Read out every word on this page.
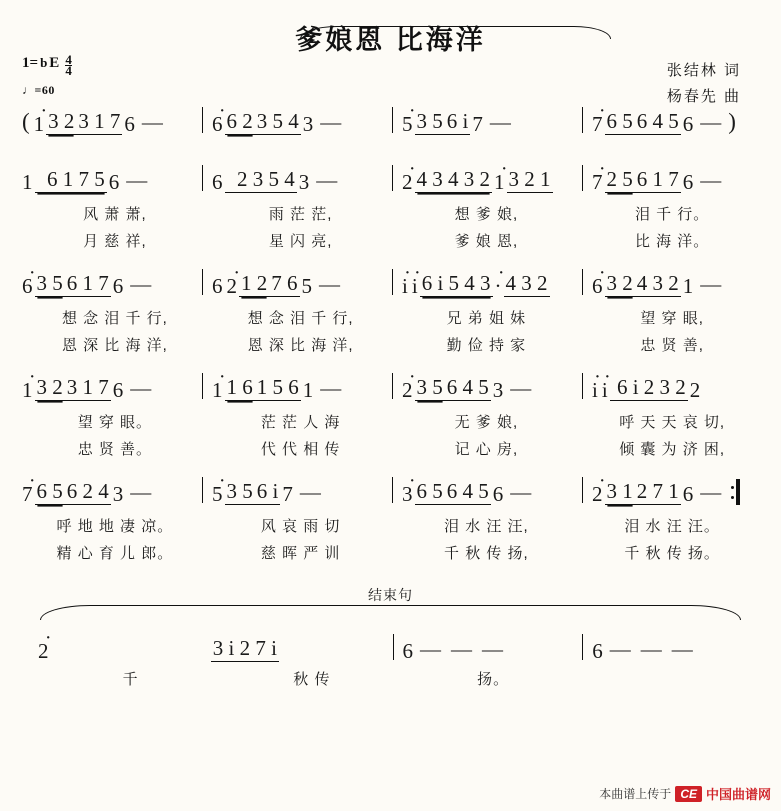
爹娘恩 比海洋
张结林 词
杨春先 曲
1= b E $\frac{4}{4}$
♩=60
( 1 · 3 2 3 1 7 6 — 6 · 6 2 3 5 4 3 —	5 · 3 5 6 i 7 —	7 · 6 5 6 4 5 6 — )
1 6 1 7 5 6 —	6 2 3 5 4 3 —	2 · 4 3 4 3 2 1 · 3 2 1 7 · 2 5 6 1 7 6 —
风 萧 萧,	雨 茫 茫,	想 爹 娘,	泪 千 行。
月 慈 祥,	星 闪 亮,	爹 娘 恩,	比 海 洋。
6 · 3 5 6 1 7 6 —	6 2 · 1 2 7 6 5 —	i · i · 6 i 5 4 3 · · 4 3 2 6 · 3 2 4 3 2 1 —
想 念 泪 千 行,	想 念 泪 千 行,	兄 弟 姐 妹	望 穿 眼,
恩 深 比 海 洋,	恩 深 比 海 洋,	勤 俭 持 家	忠 贤 善,
1 · 3 2 3 1 7 6 —	1 · 1 6 1 5 6 1 —	2 · 3 5 6 4 5 3 —	i · i · 6 i 2 3 2 2
望 穿 眼。	茫 茫 人 海	无 爹 娘,	呼 天 天 哀 切,
忠 贤 善。	代 代 相 传	记 心 房,	倾 囊 为 济 困,
7 · 6 5 6 2 4 3 —	5 · 3 5 6 i 7 —	3 · 6 5 6 4 5 6 —	2 · 3 1 2 7 1 6 —
呼 地 地 凄 凉。	风 哀 雨 切	泪 水 汪 汪,	泪 水 汪 汪。
精 心 育 儿 郎。	慈 晖 严 训	千 秋 传 扬,	千 秋 传 扬。
结束句
2 ·	3 i 2 7 i	6 — — —	6 — — —
千	秋 传	扬。
本曲谱上传于 CE 中国曲谱网
